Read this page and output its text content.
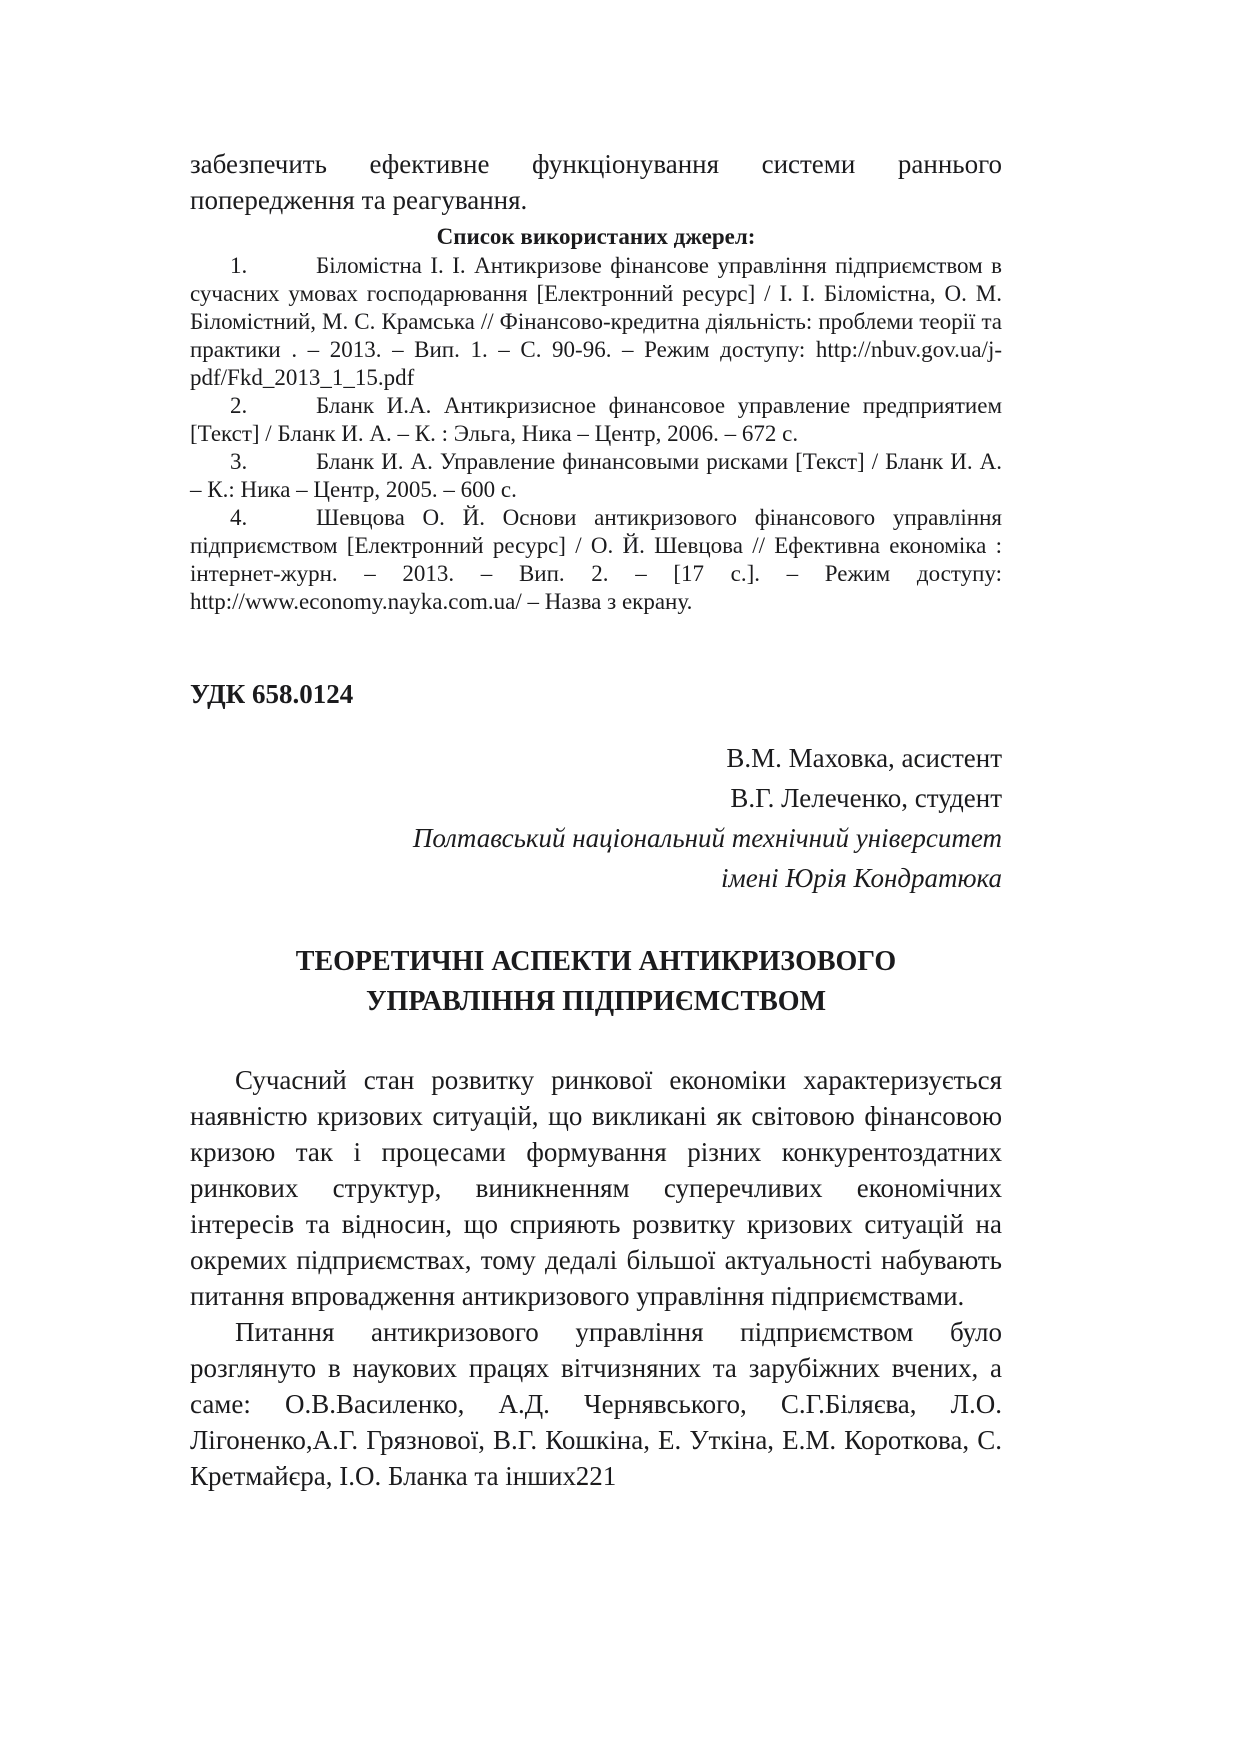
забезпечить ефективне функціонування системи раннього попередження та реагування.

Список використаних джерел:

1.	Біломістна І. І. Антикризове фінансове управління підприємством в сучасних умовах господарювання [Електронний ресурс] / І. І. Біломістна, О. М. Біломістний, М. С. Крамська // Фінансово-кредитна діяльність: проблеми теорії та практики . – 2013. – Вип. 1. – С. 90-96. – Режим доступу: http://nbuv.gov.ua/j-pdf/Fkd_2013_1_15.pdf

2.	Бланк И.А. Антикризисное финансовое управление предприятием [Текст] / Бланк И. А. – К. : Эльга, Ника – Центр, 2006. – 672 с.

3.	Бланк И. А. Управление финансовыми рисками [Текст] / Бланк И. А. – К.: Ника – Центр, 2005. – 600 с.

4.	Шевцова О. Й. Основи антикризового фінансового управління підприємством [Електронний ресурс] / О. Й. Шевцова // Ефективна економіка : інтернет-журн. – 2013. – Вип. 2. – [17 с.]. – Режим доступу: http://www.economy.nayka.com.ua/ – Назва з екрану.

УДК 658.0124
В.М. Маховка, асистент
В.Г. Лелеченко, студент
Полтавський національний технічний університет
імені Юрія Кондратюка
ТЕОРЕТИЧНІ АСПЕКТИ АНТИКРИЗОВОГО
УПРАВЛІННЯ ПІДПРИЄМСТВОМ

Сучасний стан розвитку ринкової економіки характеризується наявністю кризових ситуацій, що викликані як світовою фінансовою кризою так і процесами формування різних конкурентоздатних ринкових структур, виникненням суперечливих економічних інтересів та відносин, що сприяють розвитку кризових ситуацій на окремих підприємствах, тому дедалі більшої актуальності набувають питання впровадження антикризового управління підприємствами.

Питання антикризового управління підприємством було розглянуто в наукових працях вітчизняних та зарубіжних вчених, а саме: О.В.Василенко, А.Д. Чернявського, С.Г.Біляєва, Л.О. Лігоненко,А.Г. Грязнової, В.Г. Кошкіна, Е. Уткіна, Е.М. Короткова, С. Кретмайєра, І.О. Бланка та інших.

221
